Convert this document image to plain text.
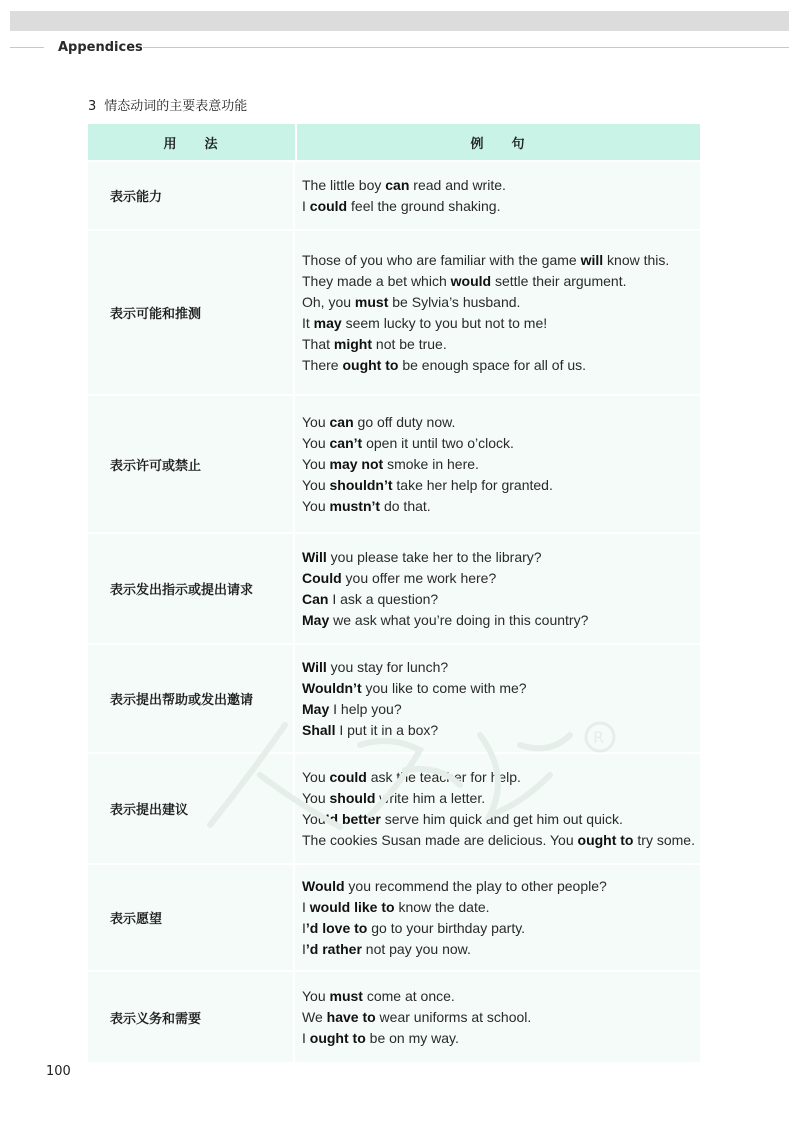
Appendices
3 情态动词的主要表意功能
用 法	例 句
表示能力
The little boy can read and write.
I could feel the ground shaking.
表示可能和推测
Those of you who are familiar with the game will know this.
They made a bet which would settle their argument.
Oh, you must be Sylvia’s husband.
It may seem lucky to you but not to me!
That might not be true.
There ought to be enough space for all of us.
表示许可或禁止
You can go off duty now.
You can’t open it until two o’clock.
You may not smoke in here.
You shouldn’t take her help for granted.
You mustn’t do that.
表示发出指示或提出请求
Will you please take her to the library?
Could you offer me work here?
Can I ask a question?
May we ask what you’re doing in this country?
表示提出帮助或发出邀请
Will you stay for lunch?
Wouldn’t you like to come with me?
May I help you?
Shall I put it in a box?
表示提出建议
You could ask the teacher for help.
You should write him a letter.
You’d better serve him quick and get him out quick.
The cookies Susan made are delicious. You ought to try some.
表示愿望
Would you recommend the play to other people?
I would like to know the date.
I’d love to go to your birthday party.
I’d rather not pay you now.
表示义务和需要
You must come at once.
We have to wear uniforms at school.
I ought to be on my way.
R
100
